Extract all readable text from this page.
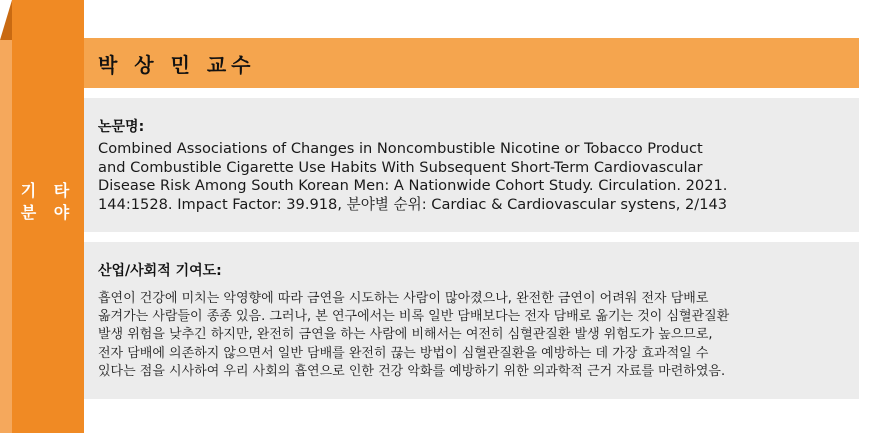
기 타
분 야
박 상 민 교수
논문명:
Combined Associations of Changes in Noncombustible Nicotine or Tobacco Product
and Combustible Cigarette Use Habits With Subsequent Short-Term Cardiovascular
Disease Risk Among South Korean Men: A Nationwide Cohort Study. Circulation. 2021.
144:1528. Impact Factor: 39.918, 분야별 순위: Cardiac & Cardiovascular systens, 2/143
산업/사회적 기여도:
흡연이 건강에 미치는 악영향에 따라 금연을 시도하는 사람이 많아졌으나, 완전한 금연이 어려워 전자 담배로
옮겨가는 사람들이 종종 있음. 그러나, 본 연구에서는 비록 일반 담배보다는 전자 담배로 옮기는 것이 심혈관질환
발생 위험을 낮추긴 하지만, 완전히 금연을 하는 사람에 비해서는 여전히 심혈관질환 발생 위험도가 높으므로,
전자 담배에 의존하지 않으면서 일반 담배를 완전히 끊는 방법이 심혈관질환을 예방하는 데 가장 효과적일 수
있다는 점을 시사하여 우리 사회의 흡연으로 인한 건강 악화를 예방하기 위한 의과학적 근거 자료를 마련하였음.
